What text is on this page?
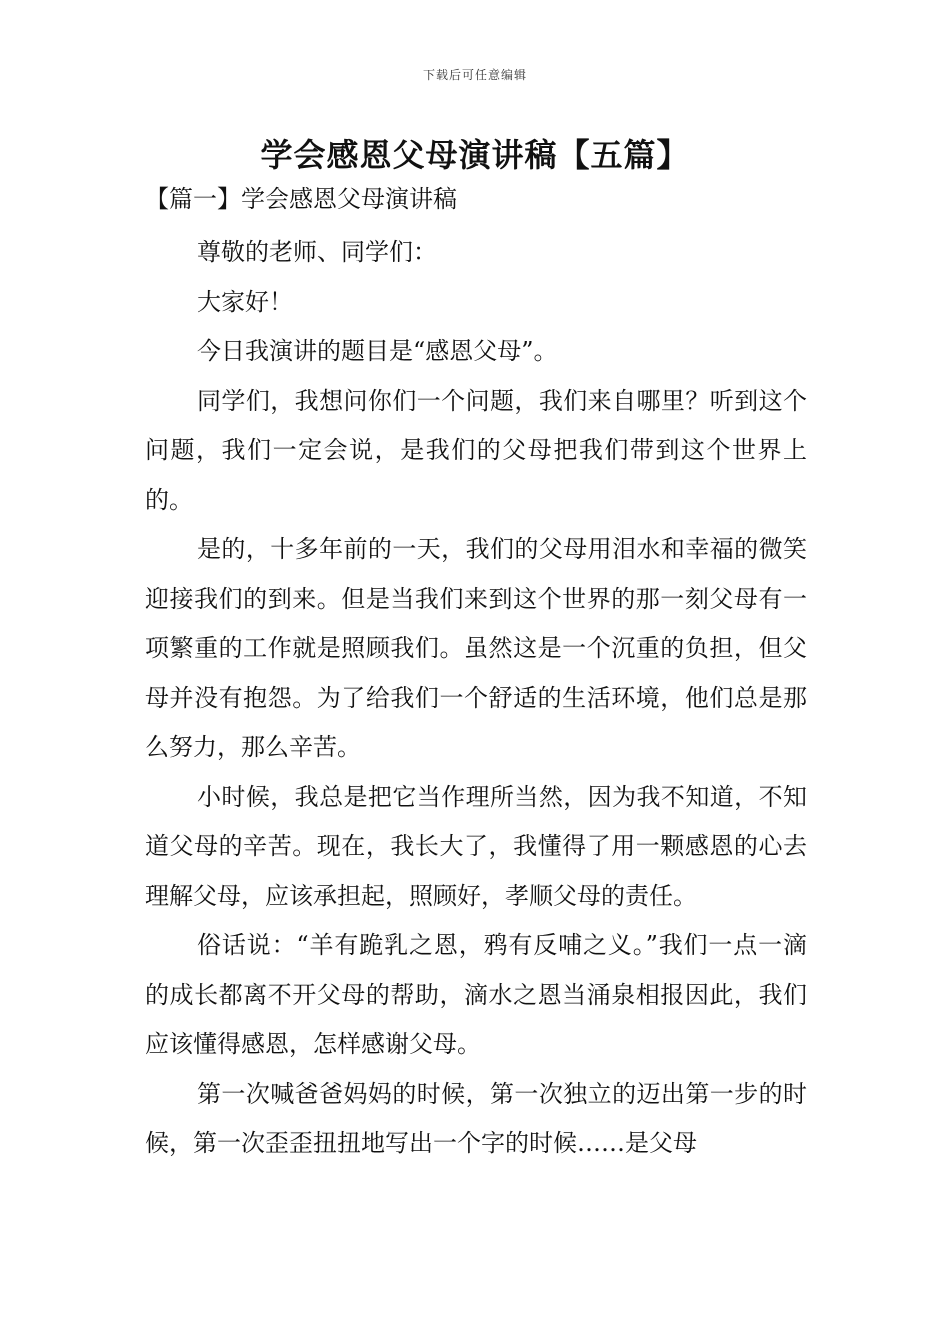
下载后可任意编辑
学会感恩父母演讲稿【五篇】
【篇一】学会感恩父母演讲稿

尊敬的老师、同学们：

大家好！

今日我演讲的题目是“感恩父母”。

同学们，我想问你们一个问题，我们来自哪里？听到这个问题，我们一定会说，是我们的父母把我们带到这个世界上的。

是的，十多年前的一天，我们的父母用泪水和幸福的微笑迎接我们的到来。但是当我们来到这个世界的那一刻父母有一项繁重的工作就是照顾我们。虽然这是一个沉重的负担，但父母并没有抱怨。为了给我们一个舒适的生活环境，他们总是那么努力，那么辛苦。

小时候，我总是把它当作理所当然，因为我不知道，不知道父母的辛苦。现在，我长大了，我懂得了用一颗感恩的心去理解父母，应该承担起，照顾好，孝顺父母的责任。

俗话说：“羊有跪乳之恩，鸦有反哺之义。”我们一点一滴的成长都离不开父母的帮助，滴水之恩当涌泉相报因此，我们应该懂得感恩，怎样感谢父母。

第一次喊爸爸妈妈的时候，第一次独立的迈出第一步的时候，第一次歪歪扭扭地写出一个字的时候……是父母
